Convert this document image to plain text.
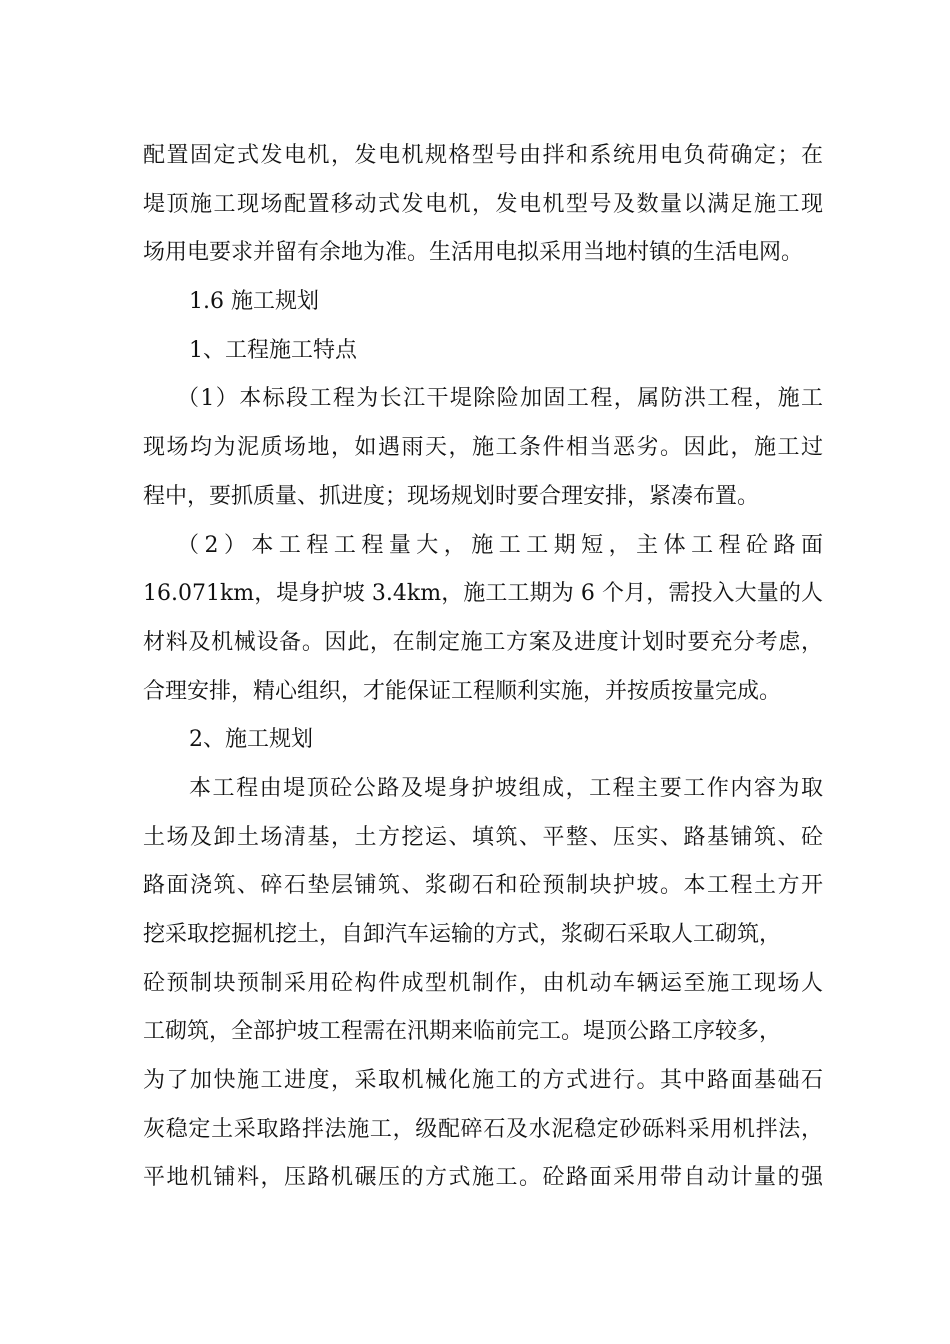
配置固定式发电机，发电机规格型号由拌和系统用电负荷确定；在
堤顶施工现场配置移动式发电机，发电机型号及数量以满足施工现
场用电要求并留有余地为准。生活用电拟采用当地村镇的生活电网。
1.6 施工规划
1、工程施工特点
（1）本标段工程为长江干堤除险加固工程，属防洪工程，施工
现场均为泥质场地，如遇雨天，施工条件相当恶劣。因此，施工过
程中，要抓质量、抓进度；现场规划时要合理安排，紧凑布置。
（2）本工程工程量大，施工工期短，主体工程砼路面
16.071km，堤身护坡 3.4km，施工工期为 6 个月，需投入大量的人
材料及机械设备。因此，在制定施工方案及进度计划时要充分考虑，
合理安排，精心组织，才能保证工程顺利实施，并按质按量完成。
2、施工规划
本工程由堤顶砼公路及堤身护坡组成，工程主要工作内容为取
土场及卸土场清基，土方挖运、填筑、平整、压实、路基铺筑、砼
路面浇筑、碎石垫层铺筑、浆砌石和砼预制块护坡。本工程土方开
挖采取挖掘机挖土，自卸汽车运输的方式，浆砌石采取人工砌筑，
砼预制块预制采用砼构件成型机制作，由机动车辆运至施工现场人
工砌筑，全部护坡工程需在汛期来临前完工。堤顶公路工序较多，
为了加快施工进度，采取机械化施工的方式进行。其中路面基础石
灰稳定土采取路拌法施工，级配碎石及水泥稳定砂砾料采用机拌法，
平地机铺料，压路机碾压的方式施工。砼路面采用带自动计量的强
